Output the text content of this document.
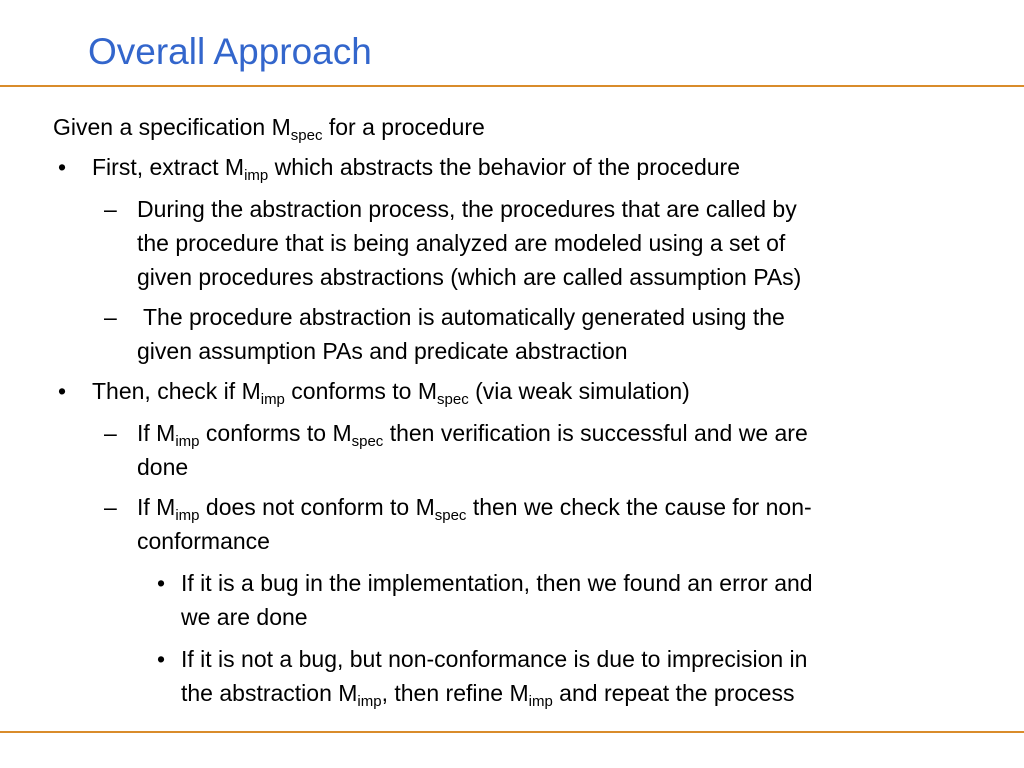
Overall Approach
Given a specification $M_{spec}$ for a procedure
• First, extract $M_{imp}$ which abstracts the behavior of the procedure
– During the abstraction process, the procedures that are called by
the procedure that is being analyzed are modeled using a set of
given procedures abstractions (which are called assumption PAs)
– The procedure abstraction is automatically generated using the
given assumption PAs and predicate abstraction
• Then, check if $M_{imp}$ conforms to $M_{spec}$ (via weak simulation)
– If $M_{imp}$ conforms to $M_{spec}$ then verification is successful and we are
done
– If $M_{imp}$ does not conform to $M_{spec}$ then we check the cause for non-
conformance
• If it is a bug in the implementation, then we found an error and
we are done
• If it is not a bug, but non-conformance is due to imprecision in
the abstraction $M_{imp}$, then refine $M_{imp}$ and repeat the process
